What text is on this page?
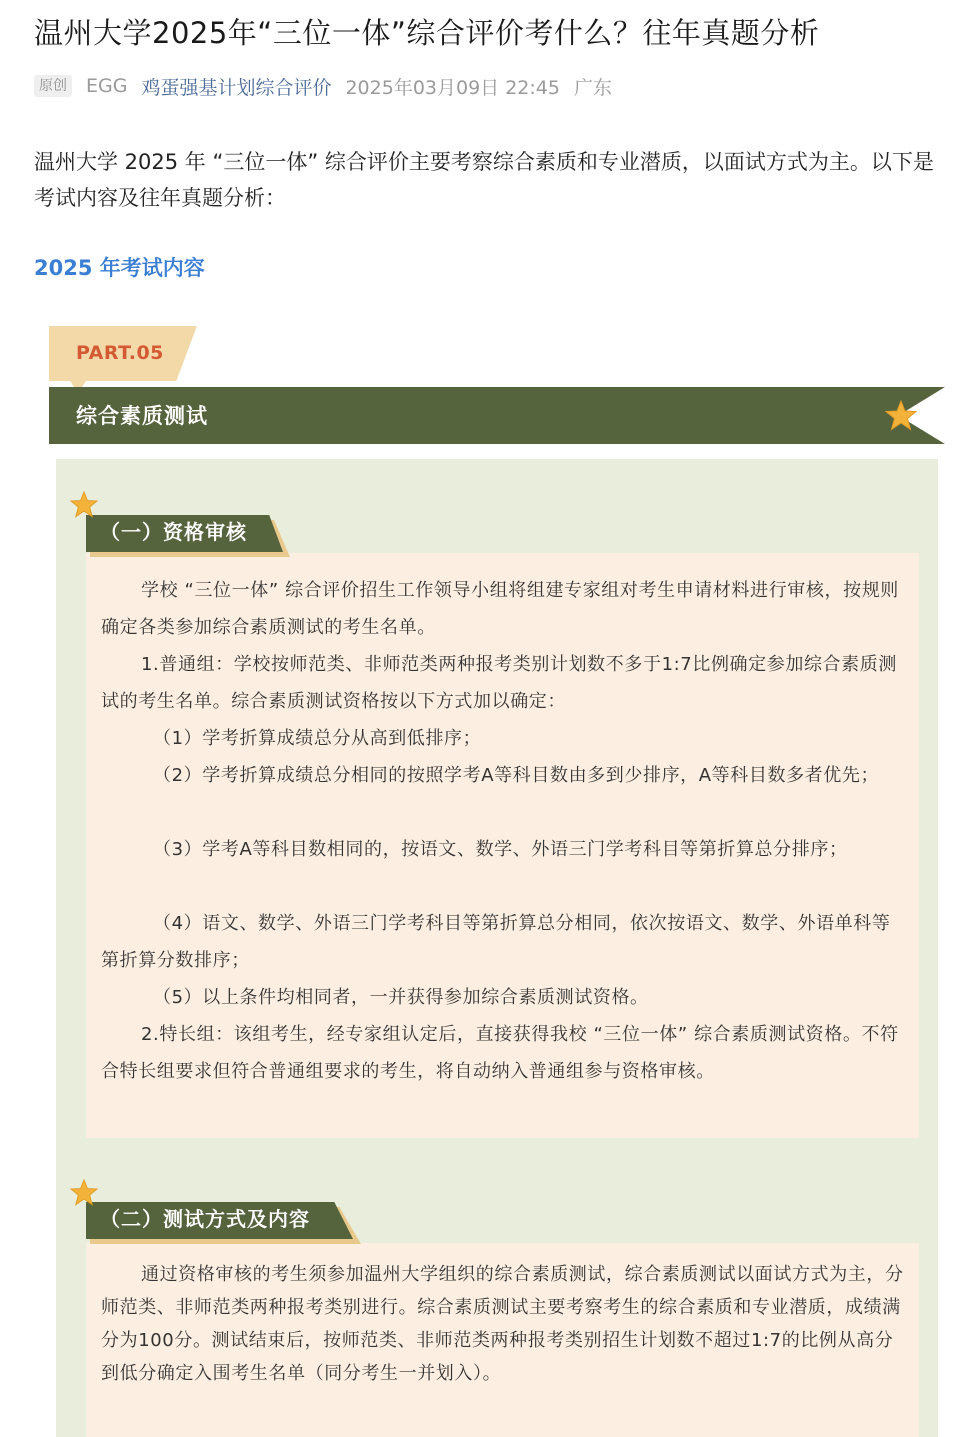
温州大学2025年“三位一体”综合评价考什么？往年真题分析
原创 EGG 鸡蛋强基计划综合评价 2025年03月09日 22:45 广东
温州大学 2025 年 “三位一体” 综合评价主要考察综合素质和专业潜质，以面试方式为主。以下是考试内容及往年真题分析：
2025 年考试内容
PART.05
综合素质测试
（一）资格审核
学校 “三位一体” 综合评价招生工作领导小组将组建专家组对考生申请材料进行审核，按规则确定各类参加综合素质测试的考生名单。
1.普通组：学校按师范类、非师范类两种报考类别计划数不多于1:7比例确定参加综合素质测试的考生名单。综合素质测试资格按以下方式加以确定：
（1）学考折算成绩总分从高到低排序；
（2）学考折算成绩总分相同的按照学考A等科目数由多到少排序，A等科目数多者优先；
（3）学考A等科目数相同的，按语文、数学、外语三门学考科目等第折算总分排序；
（4）语文、数学、外语三门学考科目等第折算总分相同，依次按语文、数学、外语单科等第折算分数排序；
（5）以上条件均相同者，一并获得参加综合素质测试资格。
2.特长组：该组考生，经专家组认定后，直接获得我校 “三位一体” 综合素质测试资格。不符合特长组要求但符合普通组要求的考生，将自动纳入普通组参与资格审核。
（二）测试方式及内容
通过资格审核的考生须参加温州大学组织的综合素质测试，综合素质测试以面试方式为主，分师范类、非师范类两种报考类别进行。综合素质测试主要考察考生的综合素质和专业潜质，成绩满分为100分。测试结束后，按师范类、非师范类两种报考类别招生计划数不超过1:7的比例从高分到低分确定入围考生名单（同分考生一并划入）。
